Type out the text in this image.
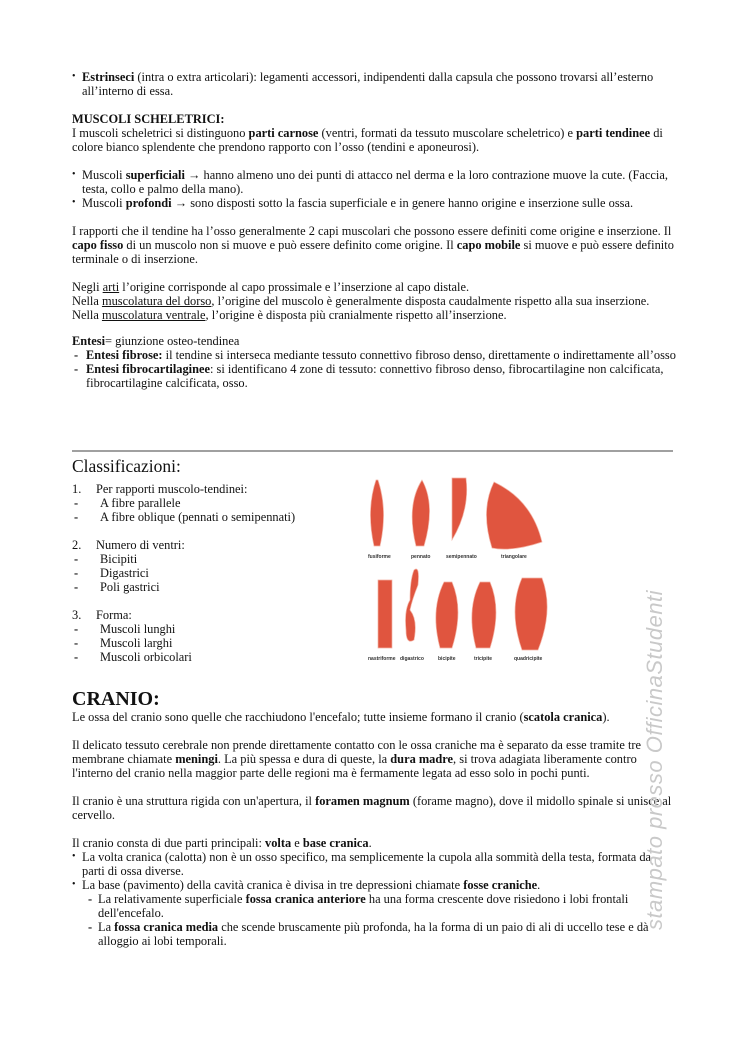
• Estrinseci (intra o extra articolari): legamenti accessori, indipendenti dalla capsula che possono trovarsi all’esterno all’interno di essa.

MUSCOLI SCHELETRICI:

I muscoli scheletrici si distinguono parti carnose (ventri, formati da tessuto muscolare scheletrico) e parti tendinee di colore bianco splendente che prendono rapporto con l’osso (tendini e aponeurosi).

• Muscoli superficiali → hanno almeno uno dei punti di attacco nel derma e la loro contrazione muove la cute. (Faccia, testa, collo e palmo della mano).

• Muscoli profondi → sono disposti sotto la fascia superficiale e in genere hanno origine e inserzione sulle ossa.

I rapporti che il tendine ha l’osso generalmente 2 capi muscolari che possono essere definiti come origine e inserzione. Il capo fisso di un muscolo non si muove e può essere definito come origine. Il capo mobile si muove e può essere definito terminale o di inserzione.

Negli arti l’origine corrisponde al capo prossimale e l’inserzione al capo distale.

Nella muscolatura del dorso, l’origine del muscolo è generalmente disposta caudalmente rispetto alla sua inserzione.

Nella muscolatura ventrale, l’origine è disposta più cranialmente rispetto all’inserzione.

Entesi= giunzione osteo-tendinea

- Entesi fibrose: il tendine si interseca mediante tessuto connettivo fibroso denso, direttamente o indirettamente all’osso

- Entesi fibrocartilaginee: si identificano 4 zone di tessuto: connettivo fibroso denso, fibrocartilagine non calcificata, fibrocartilagine calcificata, osso.

Classificazioni:

1. Per rapporti muscolo-tendinei:

- A fibre parallele

- A fibre oblique (pennati o semipennati)

2. Numero di ventri:

- Bicipiti

- Digastrici

- Poli gastrici

3. Forma:

- Muscoli lunghi

- Muscoli larghi

- Muscoli orbicolari

fusiforme	pennato	semipennato	triangolare
nastriforme digastrico	bicipite	tricipite	quadricipite

CRANIO:

Le ossa del cranio sono quelle che racchiudono l'encefalo; tutte insieme formano il cranio (scatola cranica).

Il delicato tessuto cerebrale non prende direttamente contatto con le ossa craniche ma è separato da esse tramite tre membrane chiamate meningi. La più spessa e dura di queste, la dura madre, si trova adagiata liberamente contro l'interno del cranio nella maggior parte delle regioni ma è fermamente legata ad esso solo in pochi punti.

Il cranio è una struttura rigida con un'apertura, il foramen magnum (forame magno), dove il midollo spinale si unisce al cervello.

Il cranio consta di due parti principali: volta e base cranica.

• La volta cranica (calotta) non è un osso specifico, ma semplicemente la cupola alla sommità della testa, formata da parti di ossa diverse.

• La base (pavimento) della cavità cranica è divisa in tre depressioni chiamate fosse craniche.

- La relativamente superficiale fossa cranica anteriore ha una forma crescente dove risiedono i lobi frontali dell'encefalo.

- La fossa cranica media che scende bruscamente più profonda, ha la forma di un paio di ali di uccello tese e dà alloggio ai lobi temporali.

stampato presso OfficinaStudenti
